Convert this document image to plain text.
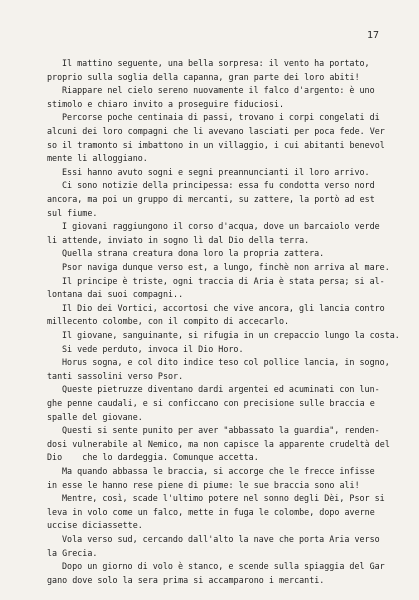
17
Il mattino seguente, una bella sorpresa: il vento ha portato,
proprio sulla soglia della capanna, gran parte dei loro abiti!
Riappare nel cielo sereno nuovamente il falco d'argento: è uno
stimolo e chiaro invito a proseguire fiduciosi.
Percorse poche centinaia di passi, trovano i corpi congelati di
alcuni dei loro compagni che li avevano lasciati per poca fede. Ver
so il tramonto si imbattono in un villaggio, i cui abitanti benevol
mente li alloggiano.
Essi hanno avuto sogni e segni preannuncianti il loro arrivo.
Ci sono notizie della principessa: essa fu condotta verso nord
ancora, ma poi un gruppo di mercanti, su zattere, la portò ad est
sul fiume.
I giovani raggiungono il corso d'acqua, dove un barcaiolo verde
li attende, inviato in sogno lì dal Dio della terra.
Quella strana creatura dona loro la propria zattera.
Psor naviga dunque verso est, a lungo, finchè non arriva al mare.
Il principe è triste, ogni traccia di Aria è stata persa; si al-
lontana dai suoi compagni..
Il Dio dei Vortici, accortosi che vive ancora, gli lancia contro
millecento colombe, con il compito di accecarlo.
Il giovane, sanguinante, si rifugia in un crepaccio lungo la costa.
Si vede perduto, invoca il Dio Horo.
Horus sogna, e col dito indice teso col pollice lancia, in sogno,
tanti sassolini verso Psor.
Queste pietruzze diventano dardi argentei ed acuminati con lun-
ghe penne caudali, e si conficcano con precisione sulle braccia e
spalle del giovane.
Questi si sente punito per aver "abbassato la guardia", renden-
dosi vulnerabile al Nemico, ma non capisce la apparente crudeltà del
Dio    che lo dardeggia. Comunque accetta.
Ma quando abbassa le braccia, si accorge che le frecce infisse
in esse le hanno rese piene di piume: le sue braccia sono ali!
Mentre, così, scade l'ultimo potere nel sonno degli Dèi, Psor si
leva in volo come un falco, mette in fuga le colombe, dopo averne
uccise diciassette.
Vola verso sud, cercando dall'alto la nave che porta Aria verso
la Grecia.
Dopo un giorno di volo è stanco, e scende sulla spiaggia del Gar
gano dove solo la sera prima si accamparono i mercanti.
